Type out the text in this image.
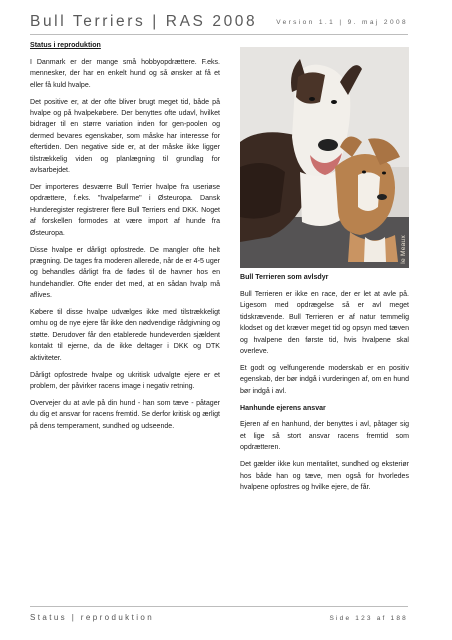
Bull Terriers | RAS 2008	Version 1.1 | 9. maj 2008

Status i reproduktion

I Danmark er der mange små hobbyopdrættere. F.eks. mennesker, der har en enkelt hund og så ønsker at få et eller få kuld hvalpe.

Det positive er, at der ofte bliver brugt meget tid, både på hvalpe og på hvalpekøbere. Der benyttes ofte udavl, hvilket bidrager til en større variation inden for gen-poolen og dermed bevares egenskaber, som måske har interesse for eftertiden. Den negative side er, at der måske ikke ligger tilstrækkelig viden og planlægning til grundlag for avlsarbejdet.

Der importeres desværre Bull Terrier hvalpe fra useriøse opdrættere, f.eks. "hvalpefarme" i Østeuropa. Dansk Hunderegister registrerer flere Bull Terriers end DKK. Noget af forskellen formodes at være import af hunde fra Østeuropa.

Disse hvalpe er dårligt opfostrede. De mangler ofte helt prægning. De tages fra moderen allerede, når de er 4-5 uger og behandles dårligt fra de fødes til de havner hos en hundehandler. Ofte ender det med, at en sådan hvalp må aflives.

Købere til disse hvalpe udvælges ikke med tilstrækkeligt omhu og de nye ejere får ikke den nødvendige rådgivning og støtte. Derudover får den etablerede hundeverden sjældent kontakt til ejerne, da de ikke deltager i DKK og DTK aktiviteter.

Dårligt opfostrede hvalpe og ukritisk udvalgte ejere er et problem, der påvirker racens image i negativ retning.

Overvejer du at avle på din hund - han som tæve - påtager du dig et ansvar for racens fremtid. Se derfor kritisk og ærligt på dens temperament, sundhed og udseende.

le Meaux

Bull Terrieren som avlsdyr

Bull Terrieren er ikke en race, der er let at avle på. Ligesom med opdrægelse så er avl meget tidskrævende. Bull Terrieren er af natur temmelig klodset og det kræver meget tid og opsyn med tæven og hvalpene den første tid, hvis hvalpene skal overleve.

Et godt og velfungerende moderskab er en positiv egenskab, der bør indgå i vurderingen af, om en hund bør indgå i avl.

Hanhunde ejerens ansvar

Ejeren af en hanhund, der benyttes i avl, påtager sig et lige så stort ansvar racens fremtid som opdrætteren.

Det gælder ikke kun mentalitet, sundhed og eksteriør hos både han og tæve, men også for hvorledes hvalpene opfostres og hvilke ejere, de får.

Status | reproduktion	Side 123 af 188
